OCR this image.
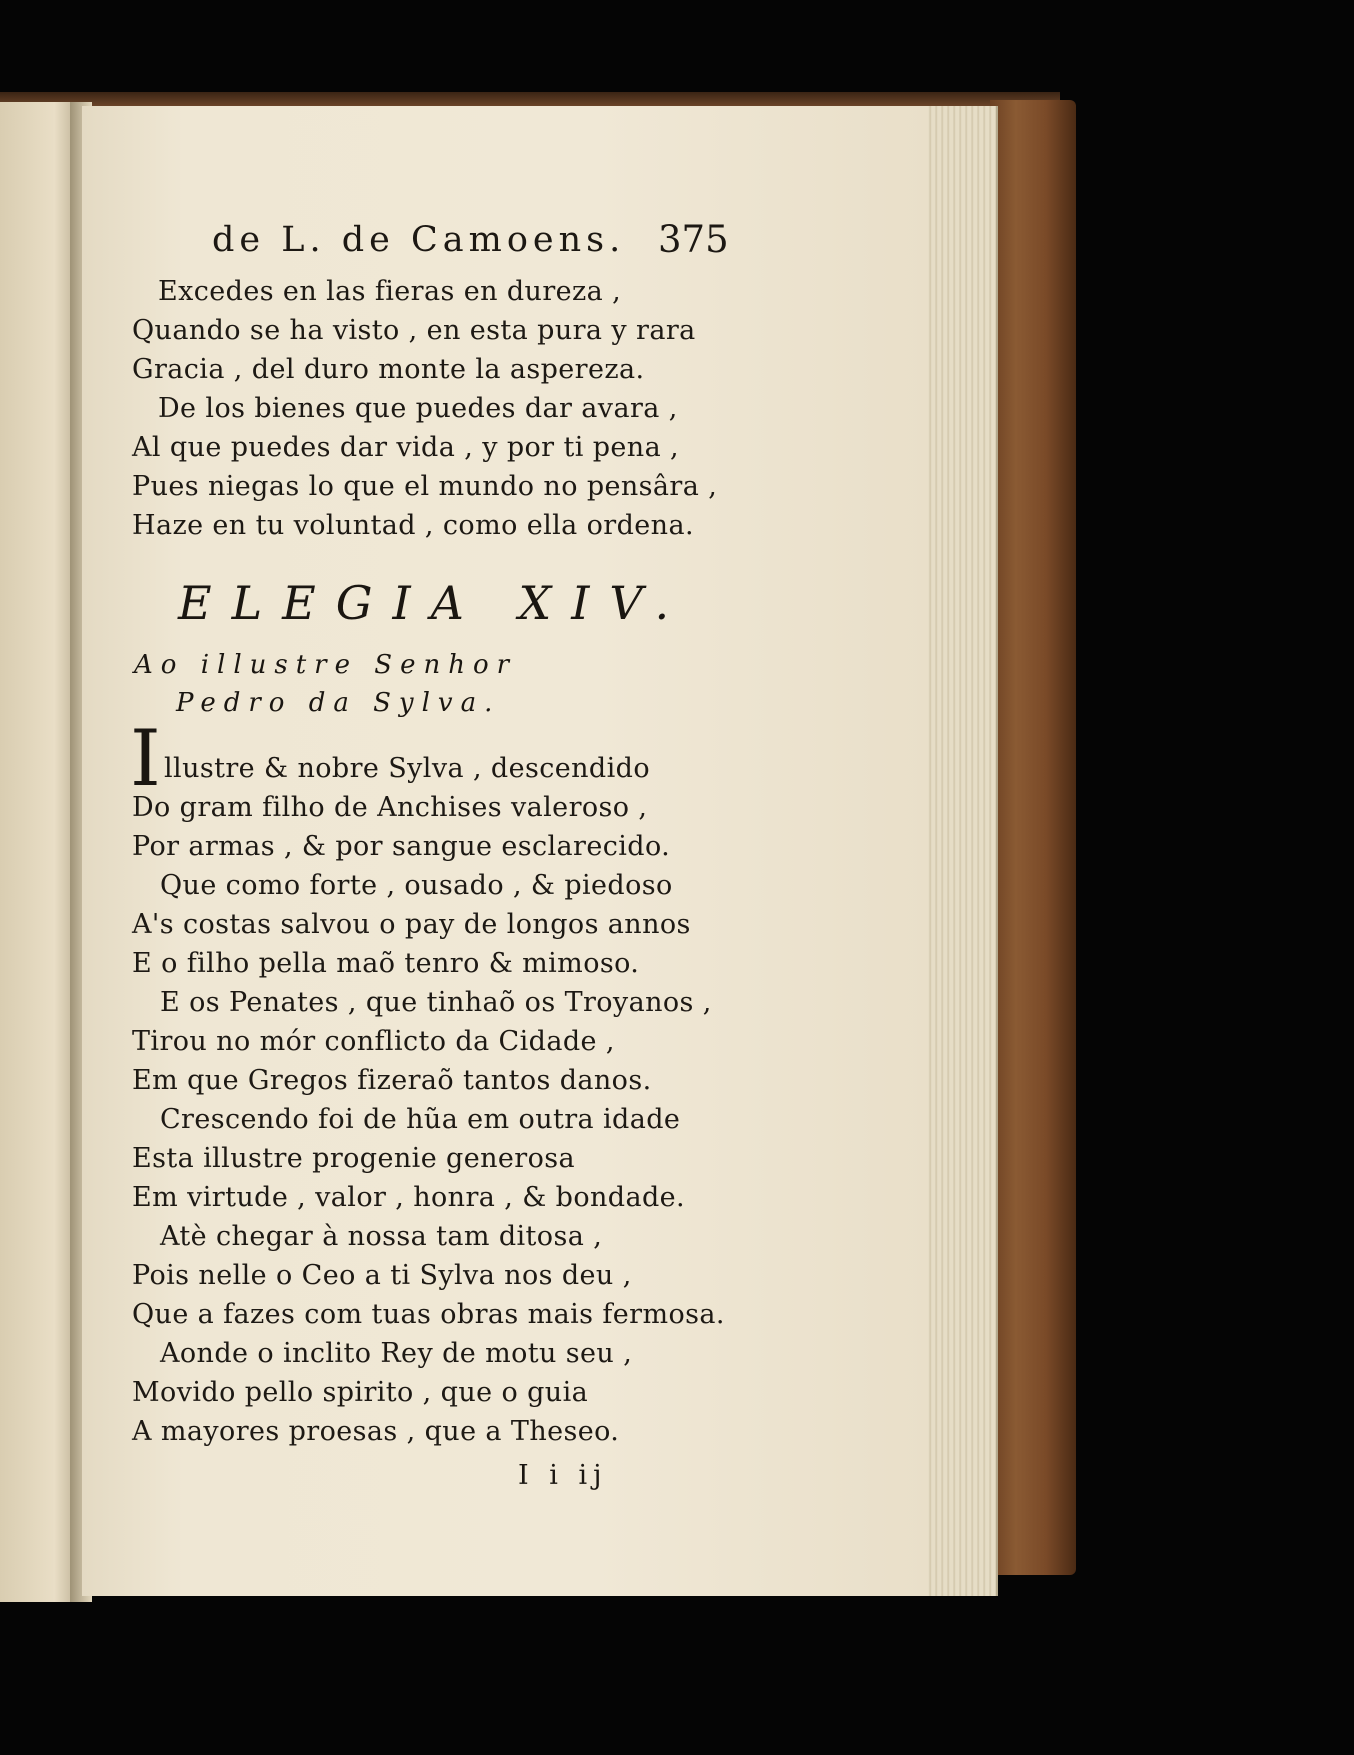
de L. de Camoens. 375
Excedes en las fieras en dureza ,
Quando se ha visto , en esta pura y rara
Gracia , del duro monte la aspereza.
De los bienes que puedes dar avara ,
Al que puedes dar vida , y por ti pena ,
Pues niegas lo que el mundo no pensâra ,
Haze en tu voluntad , como ella ordena.
ELEGIA XIV.
Ao illustre Senhor
Pedro da Sylva.
I llustre & nobre Sylva , descendido
Do gram filho de Anchises valeroso ,
Por armas , & por sangue esclarecido.
Que como forte , ousado , & piedoso
A's costas salvou o pay de longos annos
E o filho pella maõ tenro & mimoso.
E os Penates , que tinhaõ os Troyanos ,
Tirou no mór conflicto da Cidade ,
Em que Gregos fizeraõ tantos danos.
Crescendo foi de hũa em outra idade
Esta illustre progenie generosa
Em virtude , valor , honra , & bondade.
Atè chegar à nossa tam ditosa ,
Pois nelle o Ceo a ti Sylva nos deu ,
Que a fazes com tuas obras mais fermosa.
Aonde o inclito Rey de motu seu ,
Movido pello spirito , que o guia
A mayores proesas , que a Theseo.
I i ij
